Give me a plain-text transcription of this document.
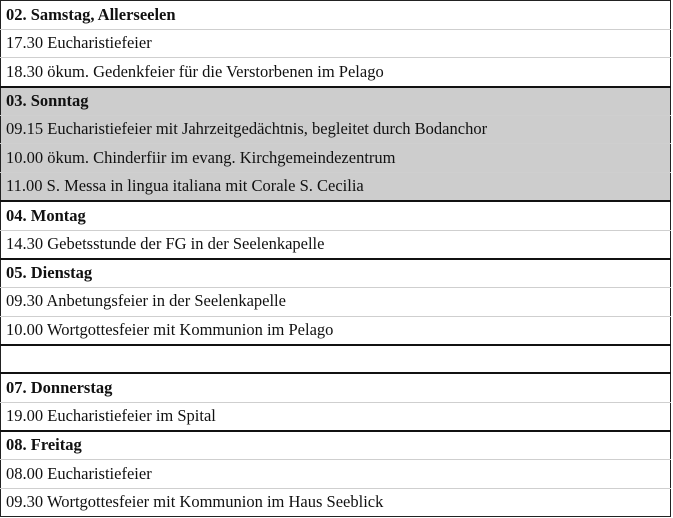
02. Samstag, Allerseelen
17.30 Eucharistiefeier
18.30 ökum. Gedenkfeier für die Verstorbenen im Pelago
03. Sonntag
09.15 Eucharistiefeier mit Jahrzeitgedächtnis, begleitet durch Bodanchor
10.00 ökum. Chinderfiir im evang. Kirchgemeindezentrum
11.00 S. Messa in lingua italiana mit Corale S. Cecilia
04. Montag
14.30 Gebetsstunde der FG in der Seelenkapelle
05. Dienstag
09.30 Anbetungsfeier in der Seelenkapelle
10.00 Wortgottesfeier mit Kommunion im Pelago

07. Donnerstag
19.00 Eucharistiefeier im Spital
08. Freitag
08.00 Eucharistiefeier
09.30 Wortgottesfeier mit Kommunion im Haus Seeblick
